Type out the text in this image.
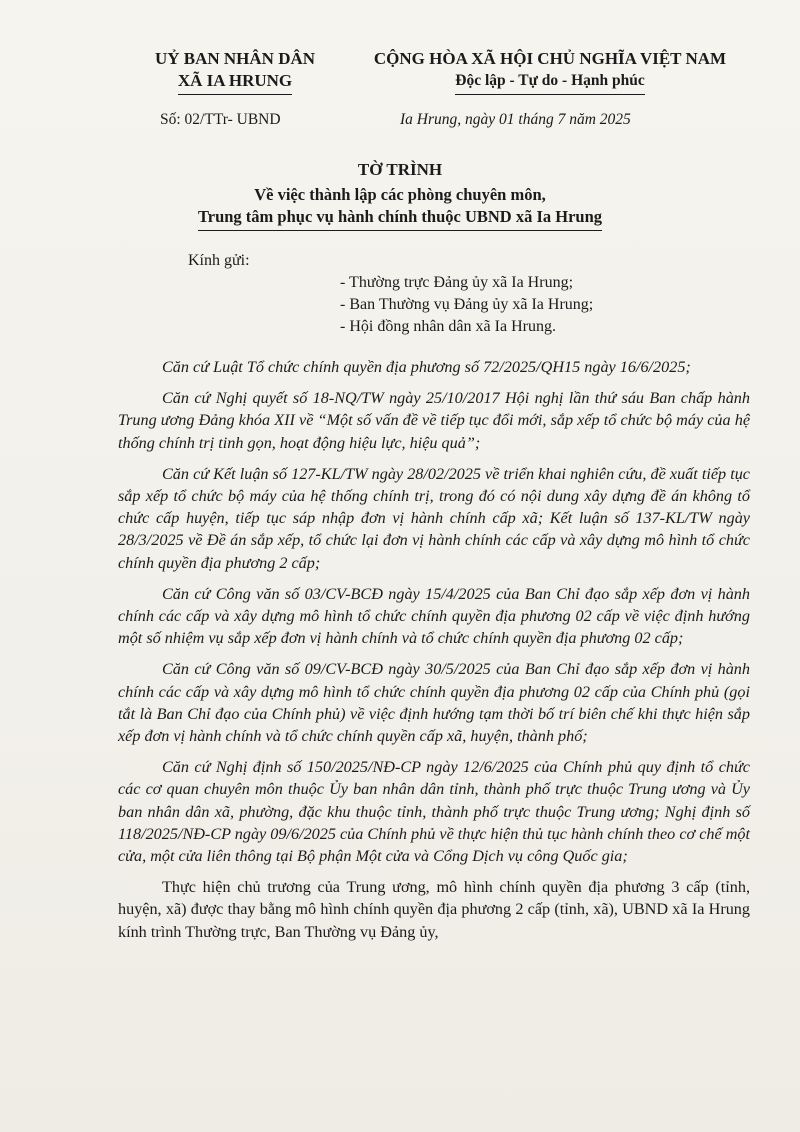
UỶ BAN NHÂN DÂN
XÃ IA HRUNG
CỘNG HÒA XÃ HỘI CHỦ NGHĨA VIỆT NAM
Độc lập - Tự do - Hạnh phúc
Số: 02/TTr- UBND	Ia Hrung, ngày 01 tháng 7 năm 2025
TỜ TRÌNH
Về việc thành lập các phòng chuyên môn,
Trung tâm phục vụ hành chính thuộc UBND xã Ia Hrung
Kính gửi:
- Thường trực Đảng ủy xã Ia Hrung;
- Ban Thường vụ Đảng ủy xã Ia Hrung;
- Hội đồng nhân dân xã Ia Hrung.

Căn cứ Luật Tổ chức chính quyền địa phương số 72/2025/QH15 ngày 16/6/2025;

Căn cứ Nghị quyết số 18-NQ/TW ngày 25/10/2017 Hội nghị lần thứ sáu Ban chấp hành Trung ương Đảng khóa XII về “Một số vấn đề về tiếp tục đổi mới, sắp xếp tổ chức bộ máy của hệ thống chính trị tinh gọn, hoạt động hiệu lực, hiệu quả”;

Căn cứ Kết luận số 127-KL/TW ngày 28/02/2025 về triển khai nghiên cứu, đề xuất tiếp tục sắp xếp tổ chức bộ máy của hệ thống chính trị, trong đó có nội dung xây dựng đề án không tổ chức cấp huyện, tiếp tục sáp nhập đơn vị hành chính cấp xã; Kết luận số 137-KL/TW ngày 28/3/2025 về Đề án sắp xếp, tổ chức lại đơn vị hành chính các cấp và xây dựng mô hình tổ chức chính quyền địa phương 2 cấp;

Căn cứ Công văn số 03/CV-BCĐ ngày 15/4/2025 của Ban Chỉ đạo sắp xếp đơn vị hành chính các cấp và xây dựng mô hình tổ chức chính quyền địa phương 02 cấp về việc định hướng một số nhiệm vụ sắp xếp đơn vị hành chính và tổ chức chính quyền địa phương 02 cấp;

Căn cứ Công văn số 09/CV-BCĐ ngày 30/5/2025 của Ban Chỉ đạo sắp xếp đơn vị hành chính các cấp và xây dựng mô hình tổ chức chính quyền địa phương 02 cấp của Chính phủ (gọi tắt là Ban Chỉ đạo của Chính phủ) về việc định hướng tạm thời bố trí biên chế khi thực hiện sắp xếp đơn vị hành chính và tổ chức chính quyền cấp xã, huyện, thành phố;

Căn cứ Nghị định số 150/2025/NĐ-CP ngày 12/6/2025 của Chính phủ quy định tổ chức các cơ quan chuyên môn thuộc Ủy ban nhân dân tỉnh, thành phố trực thuộc Trung ương và Ủy ban nhân dân xã, phường, đặc khu thuộc tỉnh, thành phố trực thuộc Trung ương; Nghị định số 118/2025/NĐ-CP ngày 09/6/2025 của Chính phủ về thực hiện thủ tục hành chính theo cơ chế một cửa, một cửa liên thông tại Bộ phận Một cửa và Cổng Dịch vụ công Quốc gia;

Thực hiện chủ trương của Trung ương, mô hình chính quyền địa phương 3 cấp (tỉnh, huyện, xã) được thay bằng mô hình chính quyền địa phương 2 cấp (tỉnh, xã), UBND xã Ia Hrung kính trình Thường trực, Ban Thường vụ Đảng ủy,
